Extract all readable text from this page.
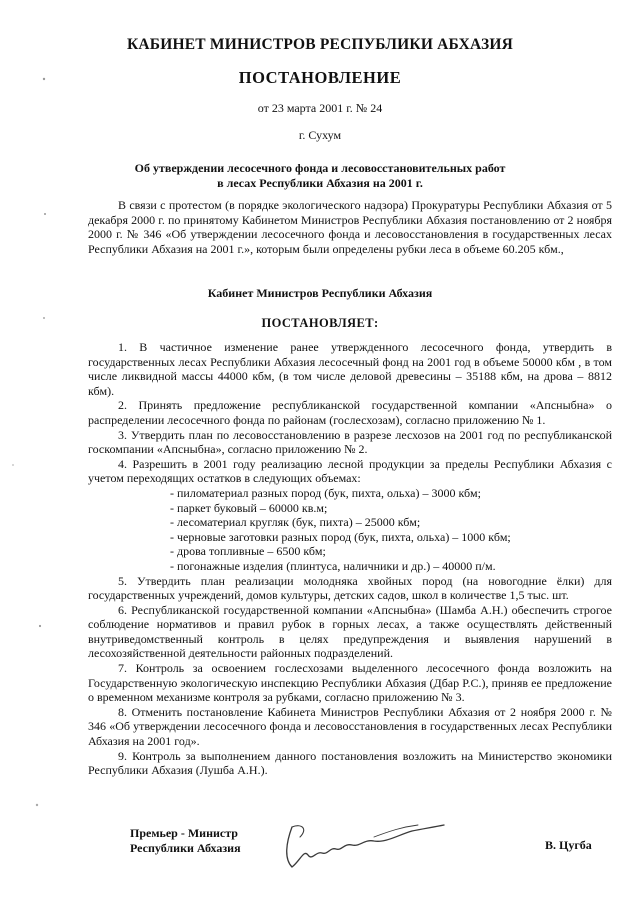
КАБИНЕТ МИНИСТРОВ РЕСПУБЛИКИ АБХАЗИЯ
ПОСТАНОВЛЕНИЕ
от 23 марта 2001 г. № 24
г. Сухум
Об утверждении лесосечного фонда и лесовосстановительных работ
в лесах Республики Абхазия на 2001 г.

В связи с протестом (в порядке экологического надзора) Прокуратуры Республики Абхазия от 5 декабря 2000 г. по принятому Кабинетом Министров Республики Абхазия постановлению от 2 ноября 2000 г. № 346 «Об утверждении лесосечного фонда и лесовосстановления в государственных лесах Республики Абхазия на 2001 г.», которым были определены рубки леса в объеме 60.205 кбм.,

Кабинет Министров Республики Абхазия
ПОСТАНОВЛЯЕТ:

1. В частичное изменение ранее утвержденного лесосечного фонда, утвердить в государственных лесах Республики Абхазия лесосечный фонд на 2001 год в объеме 50000 кбм , в том числе ликвидной массы 44000 кбм, (в том числе деловой древесины – 35188 кбм, на дрова – 8812 кбм).

2. Принять предложение республиканской государственной компании «Апсныбна» о распределении лесосечного фонда по районам (гослесхозам), согласно приложению № 1.

3. Утвердить план по лесовосстановлению в разрезе лесхозов на 2001 год по республиканской госкомпании «Апсныбна», согласно приложению № 2.

4. Разрешить в 2001 году реализацию лесной продукции за пределы Республики Абхазия с учетом переходящих остатков в следующих объемах:

- пиломатериал разных пород (бук, пихта, ольха) – 3000 кбм;
- паркет буковый – 60000 кв.м;
- лесоматериал кругляк (бук, пихта) – 25000 кбм;
- черновые заготовки разных пород (бук, пихта, ольха) – 1000 кбм;
- дрова топливные – 6500 кбм;
- погонажные изделия (плинтуса, наличники и др.) – 40000 п/м.

5. Утвердить план реализации молодняка хвойных пород (на новогодние ёлки) для государственных учреждений, домов культуры, детских садов, школ в количестве 1,5 тыс. шт.

6. Республиканской государственной компании «Апсныбна» (Шамба А.Н.) обеспечить строгое соблюдение нормативов и правил рубок в горных лесах, а также осуществлять действенный внутриведомственный контроль в целях предупреждения и выявления нарушений в лесохозяйственной деятельности районных подразделений.

7. Контроль за освоением гослесхозами выделенного лесосечного фонда возложить на Государственную экологическую инспекцию Республики Абхазия (Дбар Р.С.), приняв ее предложение о временном механизме контроля за рубками, согласно приложению № 3.

8. Отменить постановление Кабинета Министров Республики Абхазия от 2 ноября 2000 г. № 346 «Об утверждении лесосечного фонда и лесовосстановления в государственных лесах Республики Абхазия на 2001 год».

9. Контроль за выполнением данного постановления возложить на Министерство экономики Республики Абхазия (Лушба А.Н.).

Премьер - Министр
Республики Абхазия	В. Цугба
